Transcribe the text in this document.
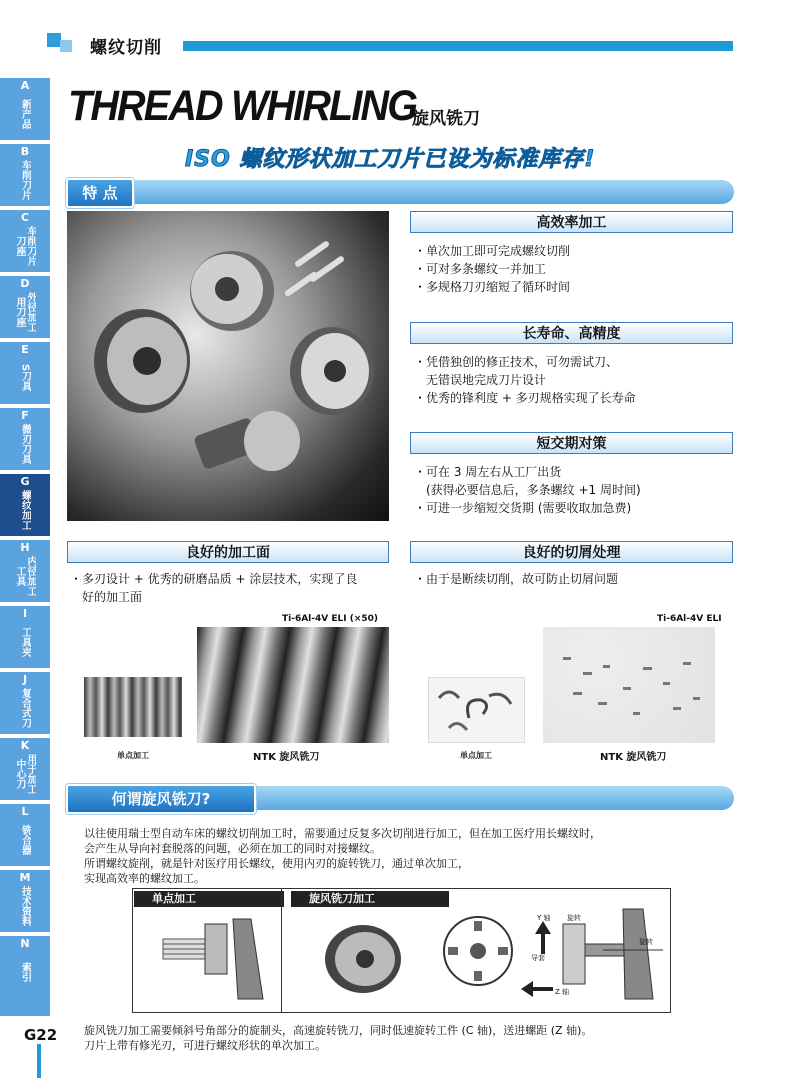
螺纹切削
A
新产品
B
车削刀片
C
车削刀片刀座
D
外径加工用刀座
E
S刀具
F
微刃刀具
G
螺纹加工
H
内径加工工具
I
工具夹
J
复合式刀
K
用于加工中心刀
L
铣合器
M
技术资料
N
索引
G22
THREAD WHIRLING
旋风铣刀
ISO 螺纹形状加工刀片已设为标准库存!
特 点
高效率加工
・单次加工即可完成螺纹切削
・可对多条螺纹一并加工
・多规格刀刃缩短了循环时间
长寿命、高精度
・凭借独创的修正技术，可勿需试刀、
　无错误地完成刀片设计
・优秀的锋利度 + 多刃规格实现了长寿命
短交期对策
・可在 3 周左右从工厂出货
　(获得必要信息后，多条螺纹 +1 周时间)
・可进一步缩短交货期 (需要收取加急费)
良好的加工面
・多刃设计 + 优秀的研磨品质 + 涂层技术，实现了良
　好的加工面
Ti-6Al-4V ELI (×50)
单点加工	NTK 旋风铣刀
良好的切屑处理
・由于是断续切削，故可防止切屑问题
Ti-6Al-4V ELI
单点加工	NTK 旋风铣刀
何谓旋风铣刀?
以往使用瑞士型自动车床的螺纹切削加工时，需要通过反复多次切削进行加工，但在加工医疗用长螺纹时，
会产生从导向衬套脱落的问题，必须在加工的同时对接螺纹。
所谓螺纹旋削，就是针对医疗用长螺纹，使用内刃的旋转铣刀，通过单次加工，
实现高效率的螺纹加工。
单点加工	旋风铣刀加工
Y 轴
Z 轴
旋转
旋转
导套
旋风铣刀加工需要倾斜号角部分的旋制头，高速旋转铣刀，同时低速旋转工件 (C 轴)，送进螺距 (Z 轴)。
刀片上带有修光刃，可进行螺纹形状的单次加工。
